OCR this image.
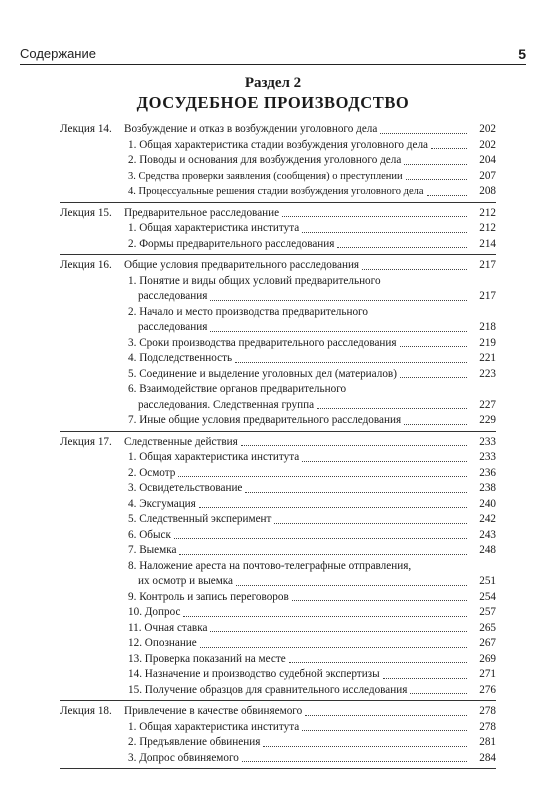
Содержание	5
Раздел 2
ДОСУДЕБНОЕ ПРОИЗВОДСТВО
Лекция 14.	Возбуждение и отказ в возбуждении уголовного дела	202
1. Общая характеристика стадии возбуждения уголовного дела	202
2. Поводы и основания для возбуждения уголовного дела	204
3. Средства проверки заявления (сообщения) о преступлении	207
4. Процессуальные решения стадии возбуждения уголовного дела	208
Лекция 15.	Предварительное расследование	212
1. Общая характеристика института	212
2. Формы предварительного расследования	214
Лекция 16.	Общие условия предварительного расследования	217
1. Понятие и виды общих условий предварительного
расследования	217
2. Начало и место производства предварительного
расследования	218
3. Сроки производства предварительного расследования	219
4. Подследственность	221
5. Соединение и выделение уголовных дел (материалов)	223
6. Взаимодействие органов предварительного
расследования. Следственная группа	227
7. Иные общие условия предварительного расследования	229
Лекция 17.	Следственные действия	233
1. Общая характеристика института	233
2. Осмотр	236
3. Освидетельствование	238
4. Эксгумация	240
5. Следственный эксперимент	242
6. Обыск	243
7. Выемка	248
8. Наложение ареста на почтово-телеграфные отправления,
их осмотр и выемка	251
9. Контроль и запись переговоров	254
10. Допрос	257
11. Очная ставка	265
12. Опознание	267
13. Проверка показаний на месте	269
14. Назначение и производство судебной экспертизы	271
15. Получение образцов для сравнительного исследования	276
Лекция 18.	Привлечение в качестве обвиняемого	278
1. Общая характеристика института	278
2. Предъявление обвинения	281
3. Допрос обвиняемого	284
